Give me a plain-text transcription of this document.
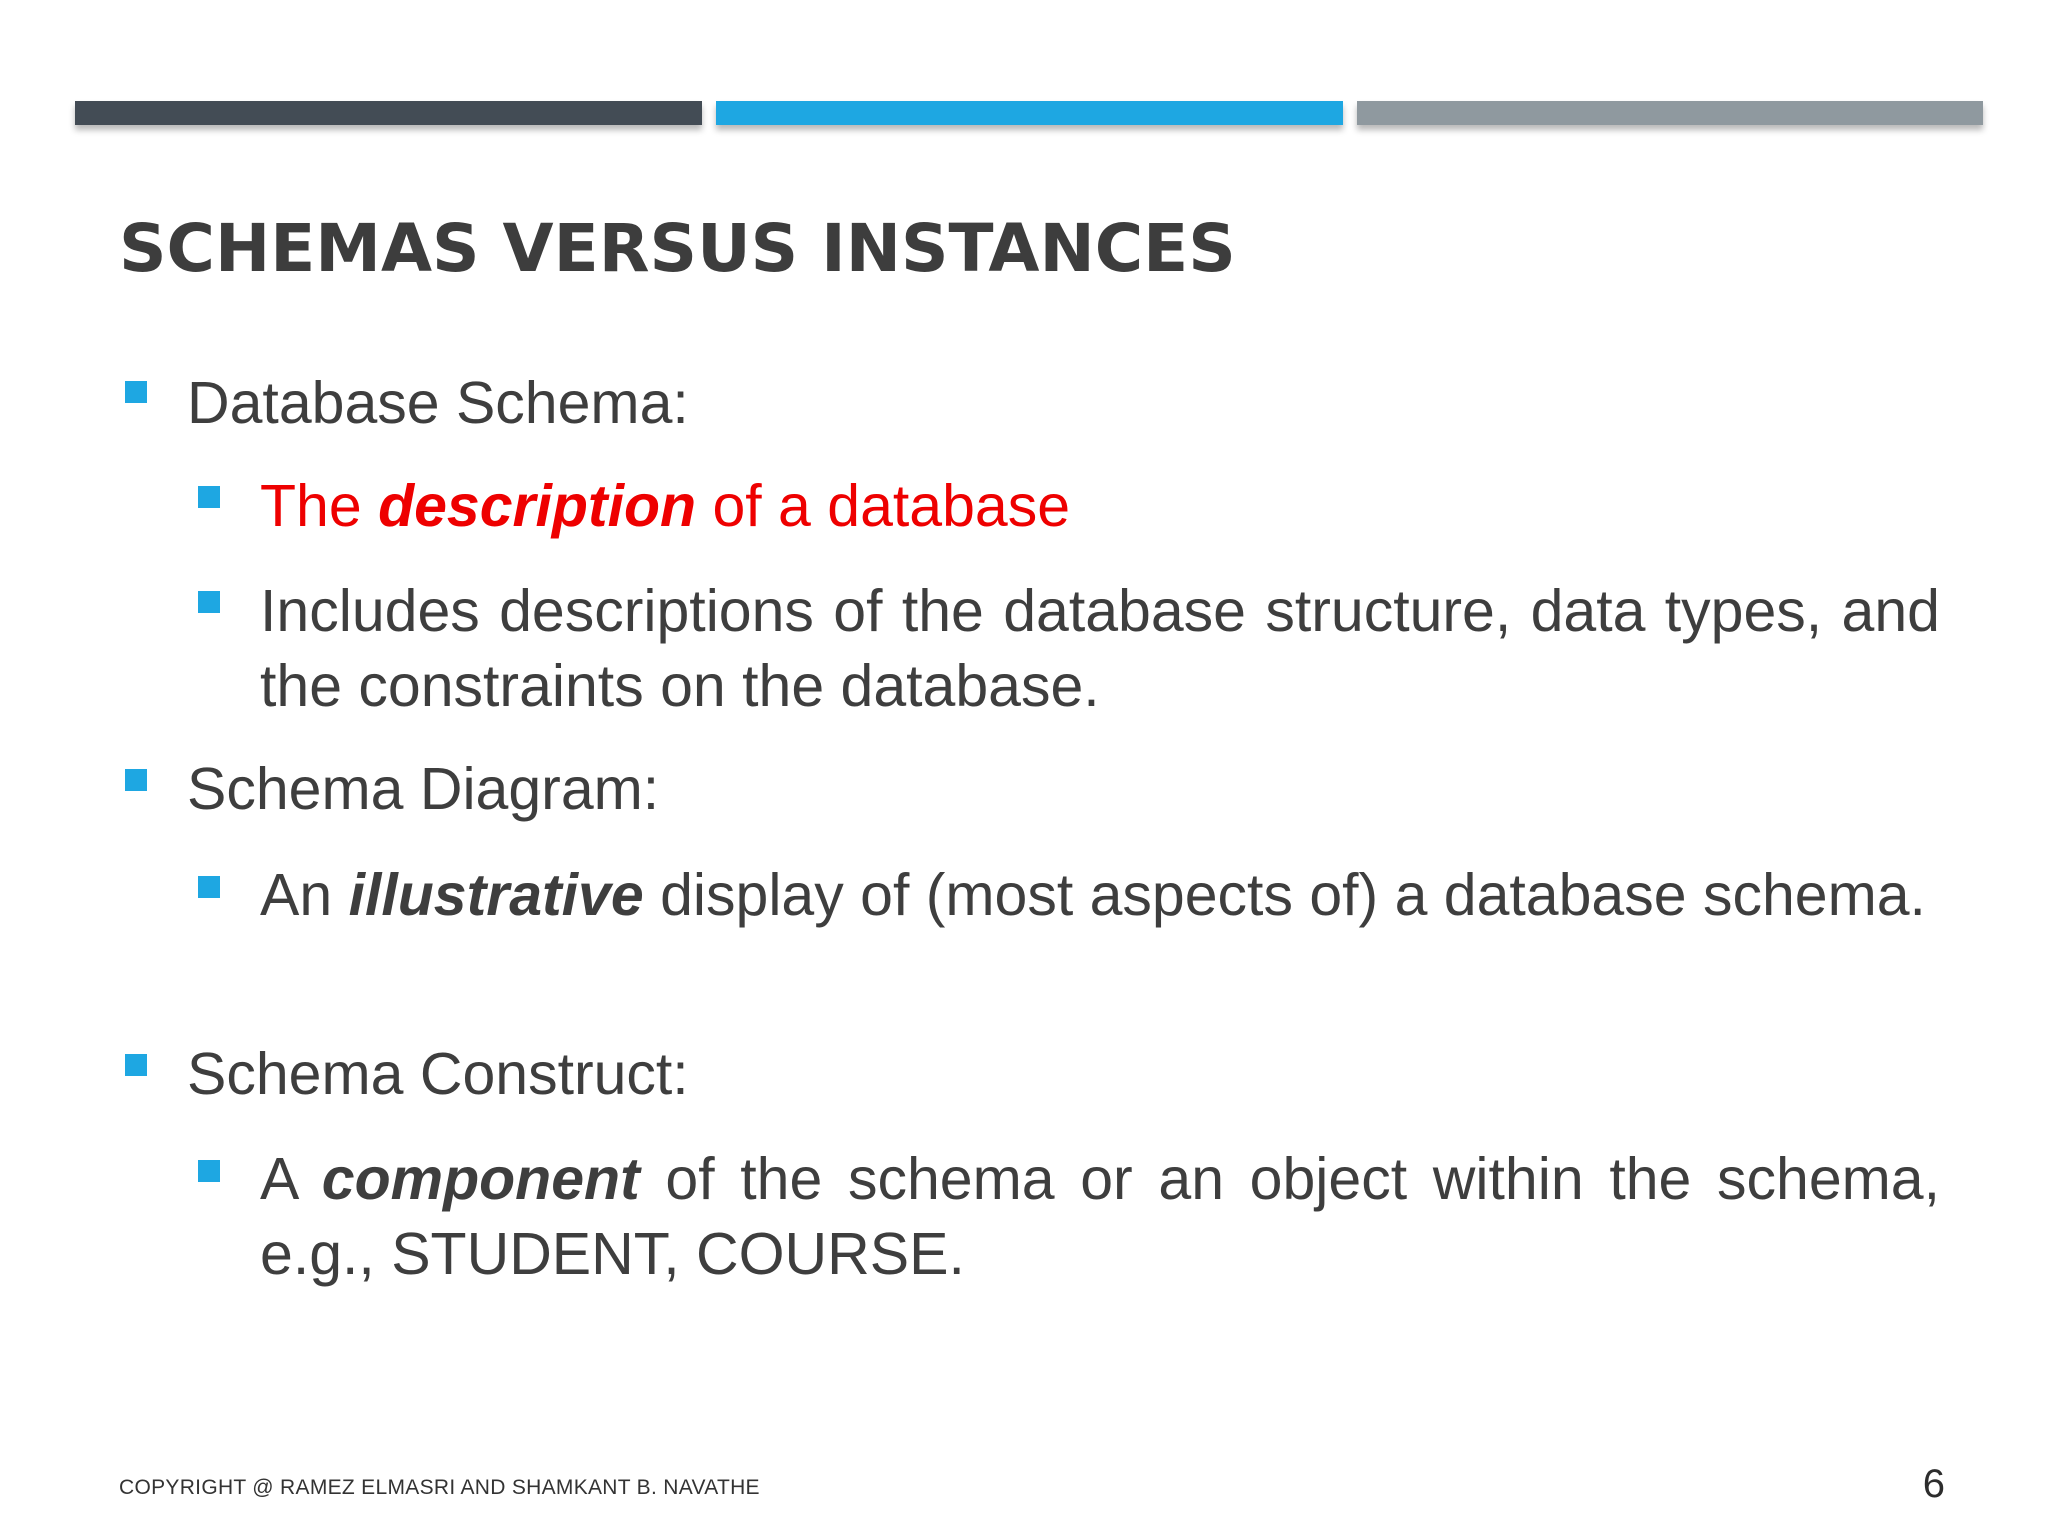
SCHEMAS VERSUS INSTANCES
Database Schema:
The description of a database
Includes descriptions of the database structure, data types, and the constraints on the database.
Schema Diagram:
An illustrative display of (most aspects of) a database schema.
Schema Construct:
A component of the schema or an object within the schema, e.g., STUDENT, COURSE.
COPYRIGHT @ RAMEZ ELMASRI AND SHAMKANT B. NAVATHE	6
